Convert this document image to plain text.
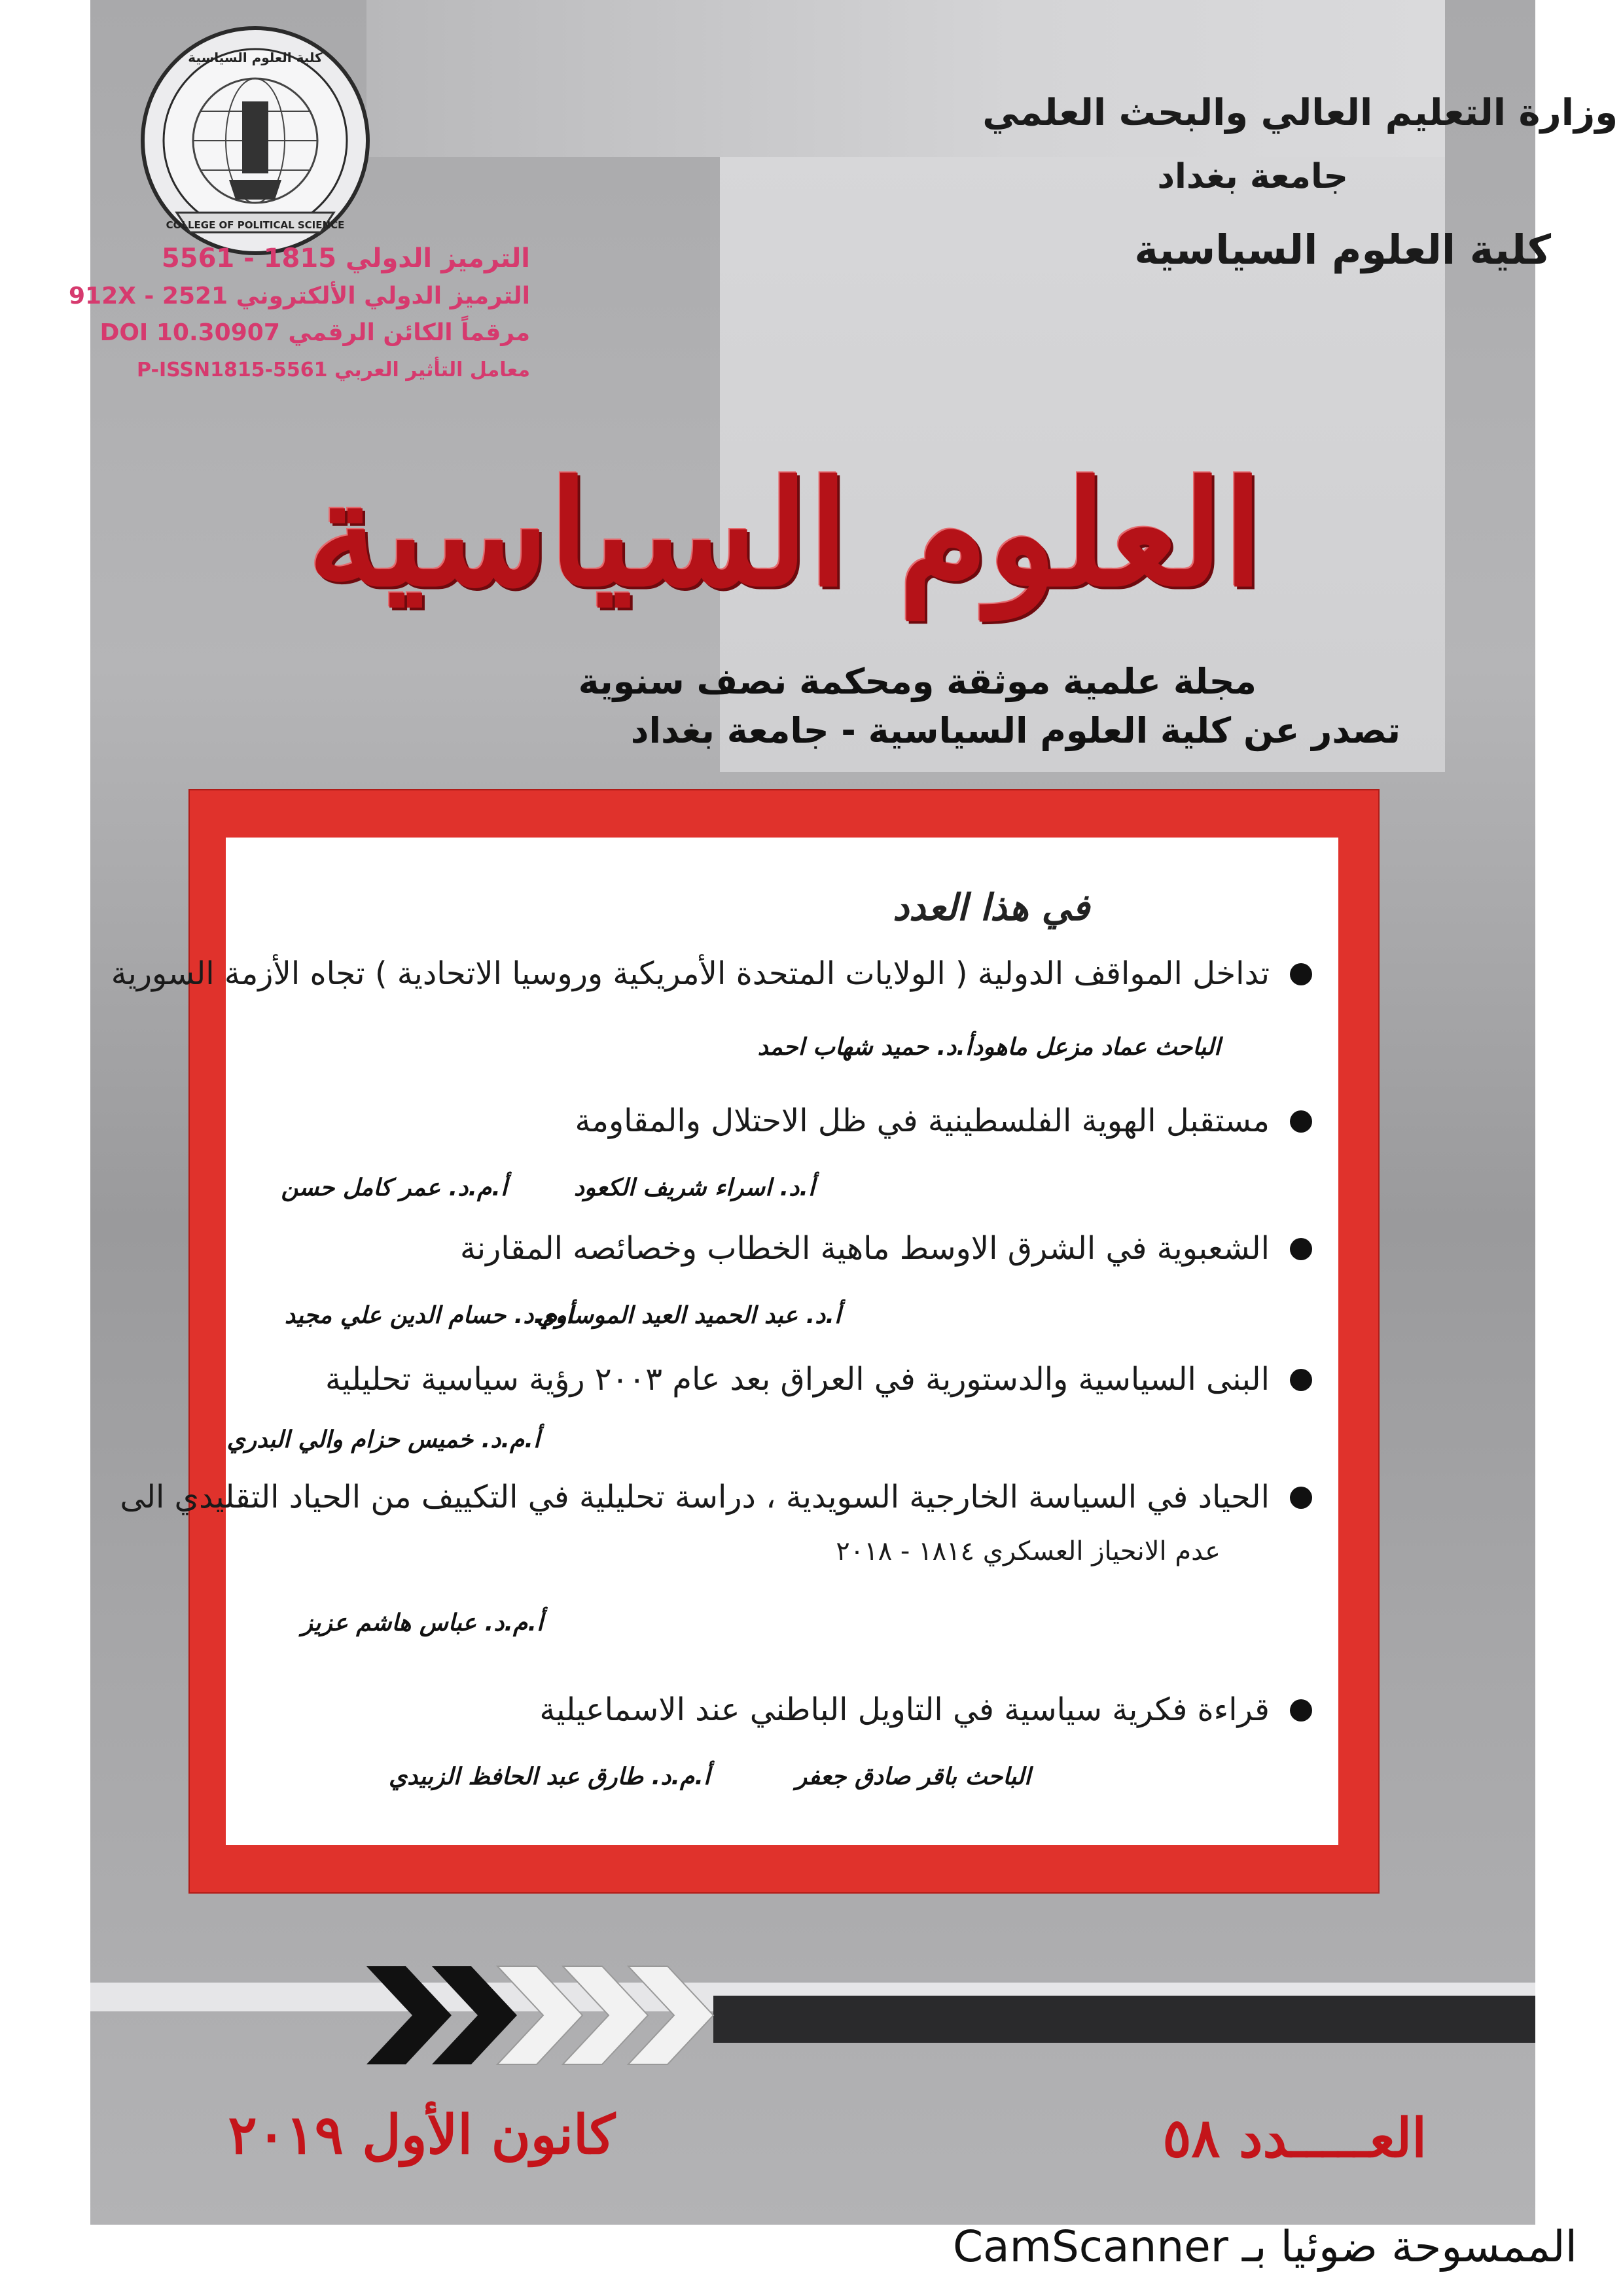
وزارة التعليم العالي والبحث العلمي
جامعة بغداد
كلية العلوم السياسية
COLLEGE OF POLITICAL SCIENCE
كلية العلوم السياسية
الترميز الدولي 1815 - 5561
الترميز الدولي الألكتروني 2521 - 912X
مرقماً الكائن الرقمي DOI 10.30907
معامل التأثير العربي P-ISSN1815-5561
العلوم السياسية
مجلة علمية موثقة ومحكمة نصف سنوية
تصدر عن كلية العلوم السياسية - جامعة بغداد
في هذا العدد
تداخل المواقف الدولية ( الولايات المتحدة الأمريكية وروسيا الاتحادية ) تجاه الأزمة السورية
الباحث عماد مزعل ماهود
أ.د. حميد شهاب احمد
مستقبل الهوية الفلسطينية في ظل الاحتلال والمقاومة
أ.م.د. عمر كامل حسن	أ.د. اسراء شريف الكعود
الشعبوية في الشرق الاوسط ماهية الخطاب وخصائصه المقارنة
أ.م.د. حسام الدين علي مجيد
أ.د. عبد الحميد العيد الموساوي
البنى السياسية والدستورية في العراق بعد عام ٢٠٠٣ رؤية سياسية تحليلية
أ.م.د. خميس حزام والي البدري
الحياد في السياسة الخارجية السويدية ، دراسة تحليلية في التكييف من الحياد التقليدي الى
عدم الانحياز العسكري ١٨١٤ - ٢٠١٨
أ.م.د. عباس هاشم عزيز
قراءة فكرية سياسية في التاويل الباطني عند الاسماعيلية
أ.م.د. طارق عبد الحافظ الزبيدي	الباحث باقر صادق جعفر
العـــــدد ٥٨
كانون الأول ٢٠١٩
الممسوحة ضوئيا بـ CamScanner
